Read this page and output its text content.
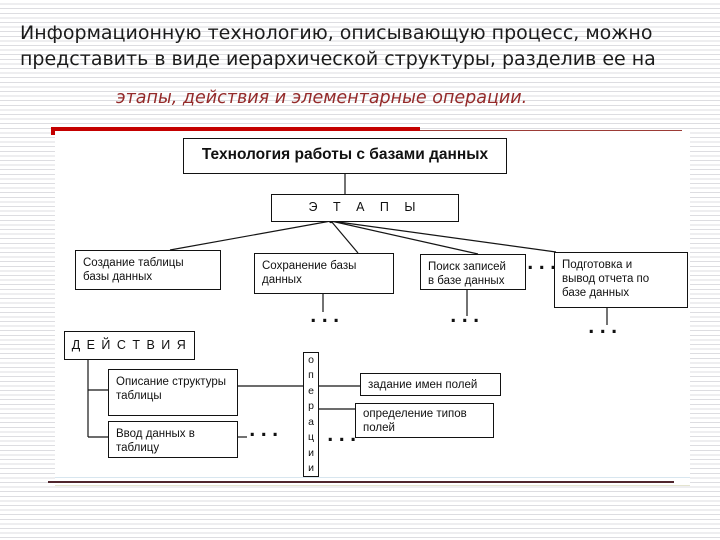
Информационную технологию, описывающую процесс, можно
представить в виде иерархической структуры, разделив ее на
этапы, действия и элементарные операции.
Технология работы с базами данных
Э Т А П Ы
Создание таблицы
базы данных
Сохранение базы
данных
Поиск записей
в базе данных
Подготовка и
вывод отчета по
базе данных
Д Е Й С Т В И Я
Описание структуры
таблицы
Ввод данных в
таблицу
о
п
е
р
а
ц
и
и
задание имен полей
определение типов
полей
...
...
...
...
...	...
